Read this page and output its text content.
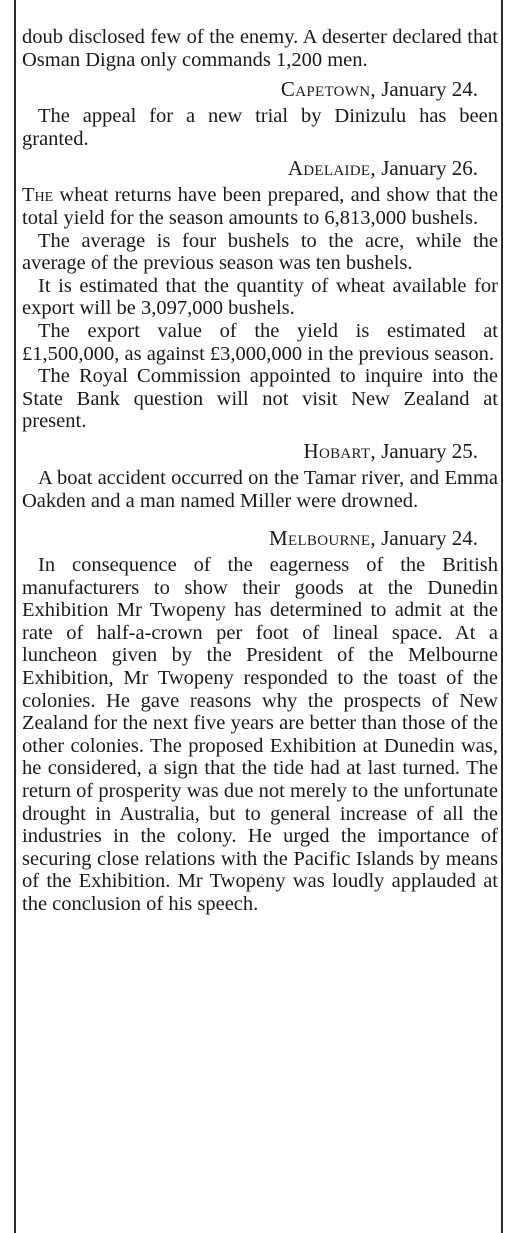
doub disclosed few of the enemy. A deserter declared that Osman Digna only commands 1,200 men.

Capetown, January 24.

The appeal for a new trial by Dinizulu has been granted.

Adelaide, January 26.

The wheat returns have been prepared, and show that the total yield for the season amounts to 6,813,000 bushels.

The average is four bushels to the acre, while the average of the previous season was ten bushels.

It is estimated that the quantity of wheat available for export will be 3,097,000 bushels.

The export value of the yield is estimated at £1,500,000, as against £3,000,000 in the previous season.

The Royal Commission appointed to inquire into the State Bank question will not visit New Zealand at present.

Hobart, January 25.

A boat accident occurred on the Tamar river, and Emma Oakden and a man named Miller were drowned.

Melbourne, January 24.

In consequence of the eagerness of the British manufacturers to show their goods at the Dunedin Exhibition Mr Twopeny has determined to admit at the rate of half-a-crown per foot of lineal space. At a luncheon given by the President of the Melbourne Exhibition, Mr Twopeny responded to the toast of the colonies. He gave reasons why the prospects of New Zealand for the next five years are better than those of the other colonies. The proposed Exhibition at Dunedin was, he considered, a sign that the tide had at last turned. The return of prosperity was due not merely to the unfortunate drought in Australia, but to general increase of all the industries in the colony. He urged the importance of securing close relations with the Pacific Islands by means of the Exhibition. Mr Twopeny was loudly applauded at the conclusion of his speech.
